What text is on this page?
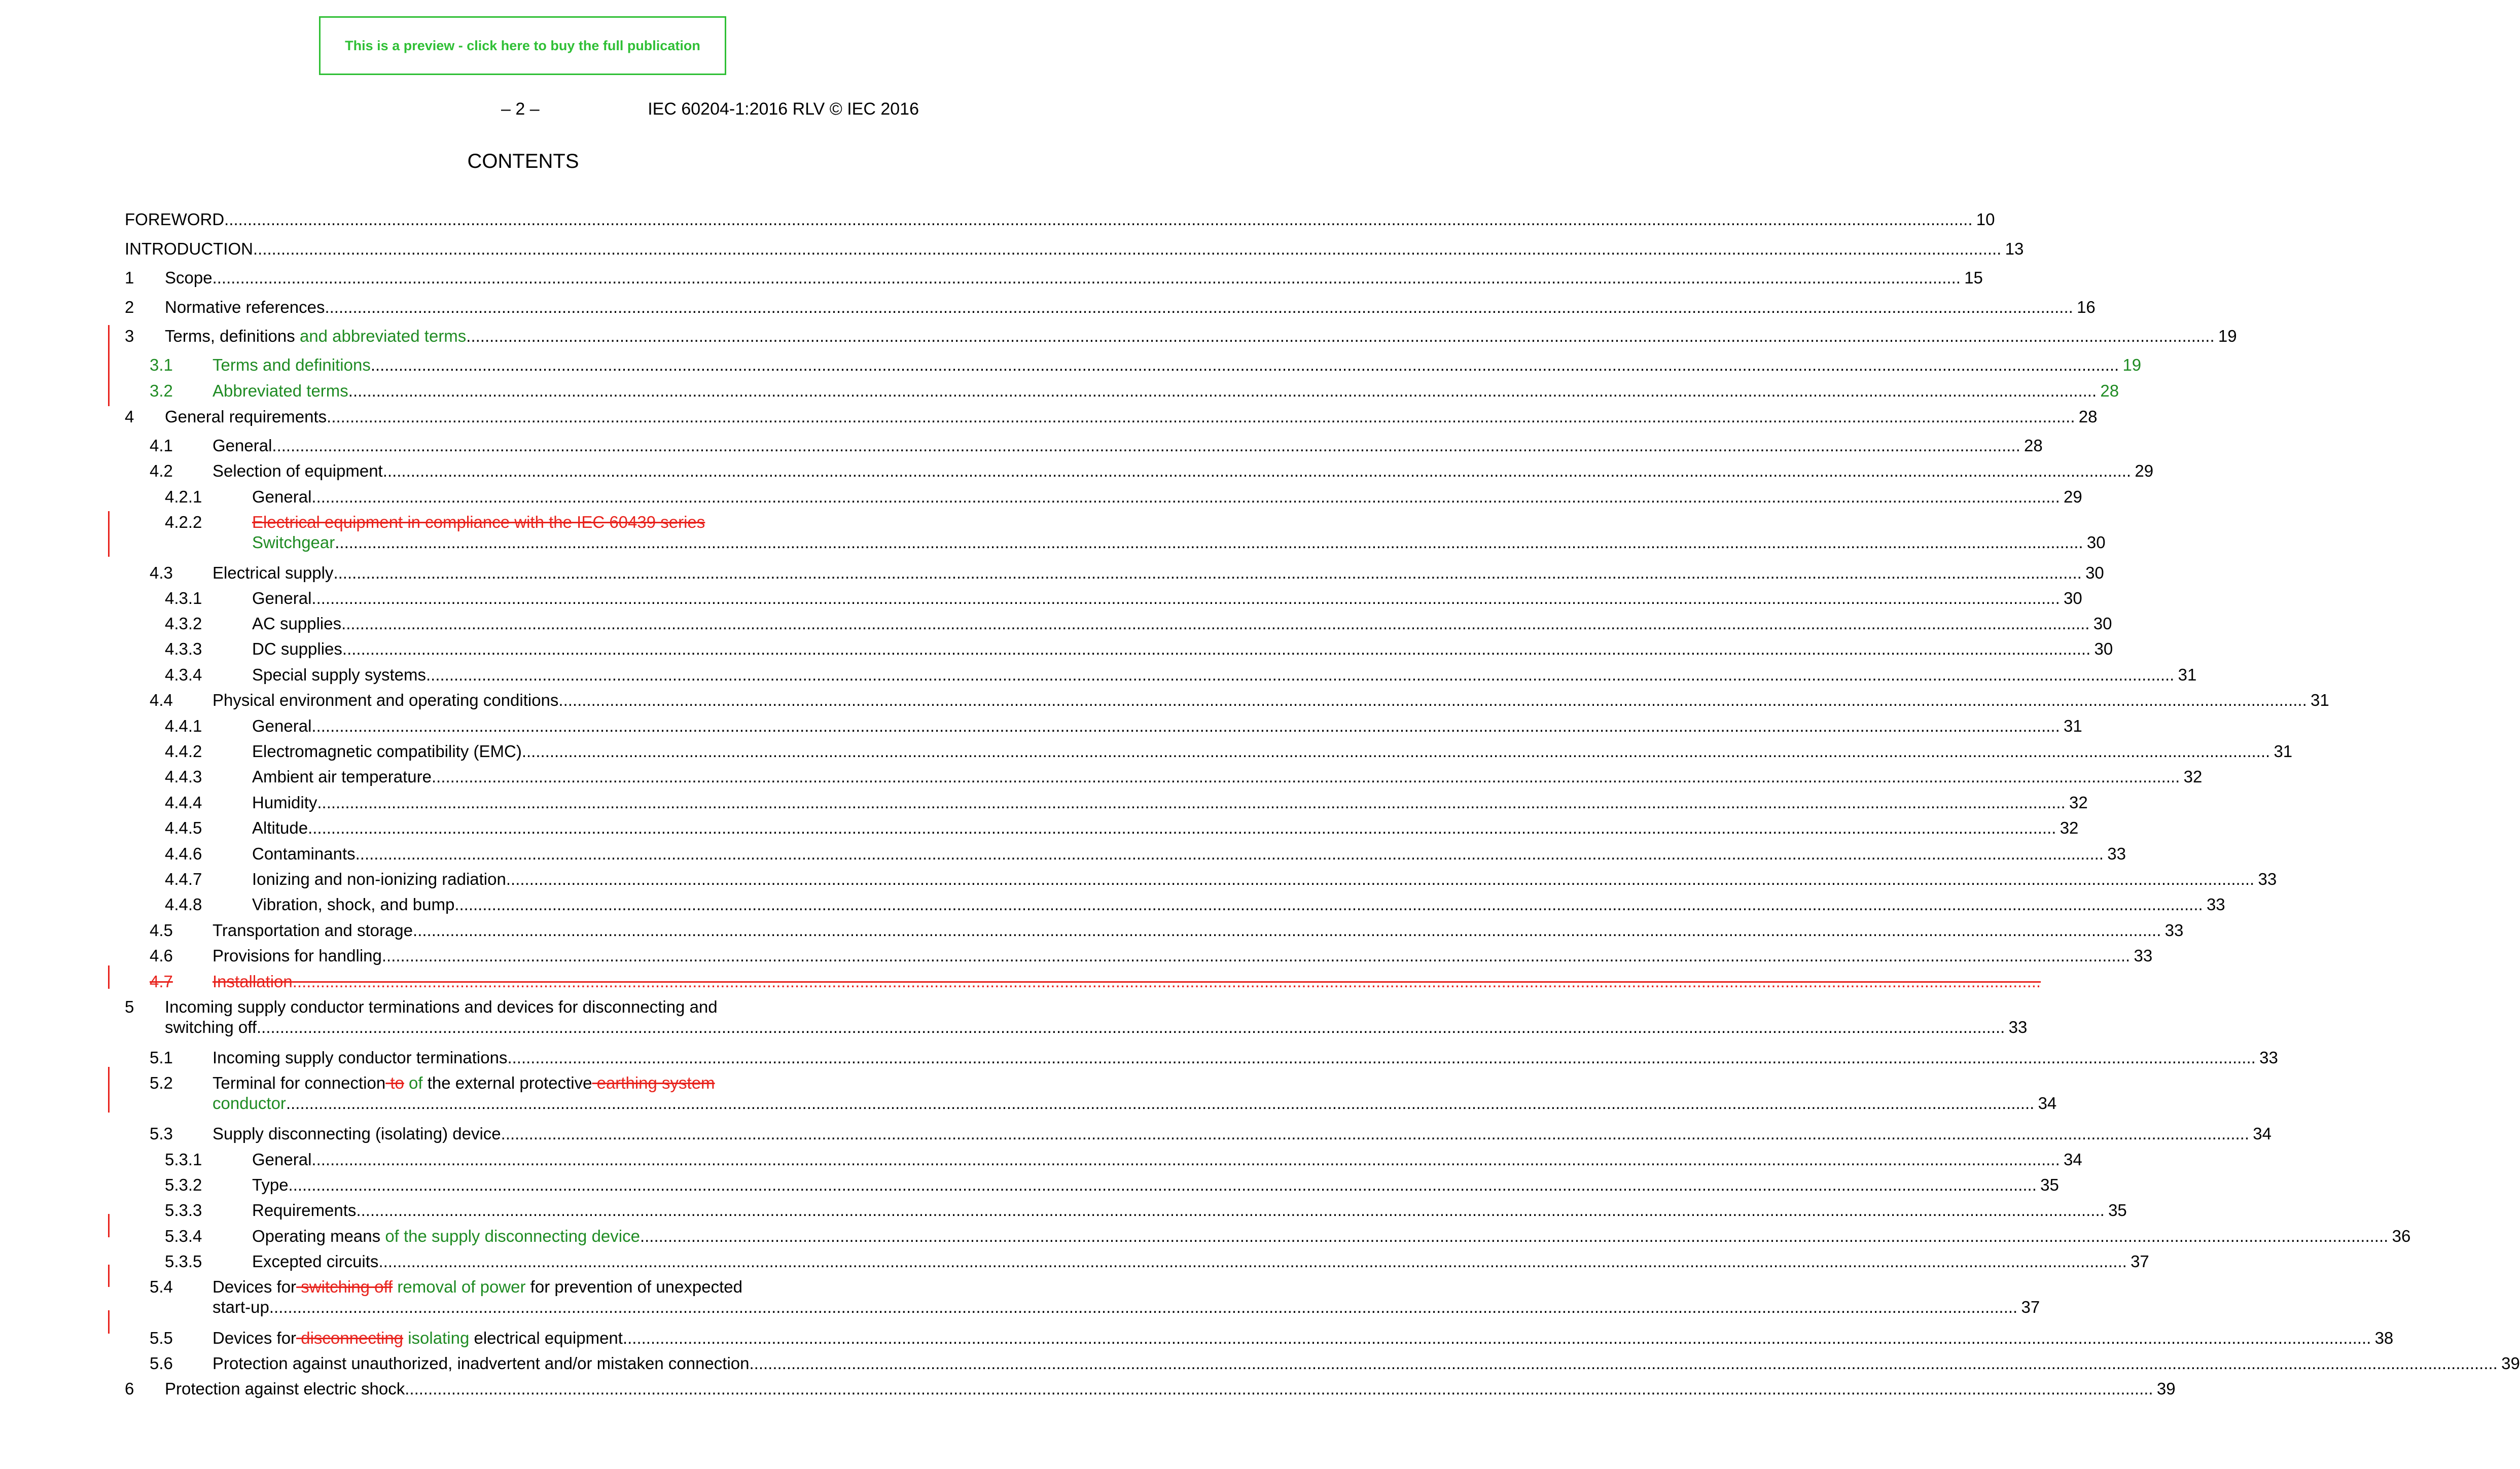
This is a preview - click here to buy the full publication
– 2 –	IEC 60204-1:2016 RLV © IEC 2016
CONTENTS
FOREWORD ........................................................................................................................................................................................................................................................................................................................................................................................ 10
INTRODUCTION ........................................................................................................................................................................................................................................................................................................................................................................................ 13
1 Scope ........................................................................................................................................................................................................................................................................................................................................................................................ 15
2 Normative references ........................................................................................................................................................................................................................................................................................................................................................................................ 16
3 Terms, definitions and abbreviated terms ........................................................................................................................................................................................................................................................................................................................................................................................ 19
3.1 Terms and definitions ........................................................................................................................................................................................................................................................................................................................................................................................ 19
3.2 Abbreviated terms ........................................................................................................................................................................................................................................................................................................................................................................................ 28
4 General requirements ........................................................................................................................................................................................................................................................................................................................................................................................ 28
4.1 General ........................................................................................................................................................................................................................................................................................................................................................................................ 28
4.2 Selection of equipment ........................................................................................................................................................................................................................................................................................................................................................................................ 29
4.2.1	General ........................................................................................................................................................................................................................................................................................................................................................................................ 29
4.2.2	Electrical equipment in compliance with the IEC 60439 series
Switchgear ........................................................................................................................................................................................................................................................................................................................................................................................ 30
4.3 Electrical supply ........................................................................................................................................................................................................................................................................................................................................................................................ 30
4.3.1	General ........................................................................................................................................................................................................................................................................................................................................................................................ 30
4.3.2	AC supplies ........................................................................................................................................................................................................................................................................................................................................................................................ 30
4.3.3	DC supplies ........................................................................................................................................................................................................................................................................................................................................................................................ 30
4.3.4	Special supply systems ........................................................................................................................................................................................................................................................................................................................................................................................ 31
4.4 Physical environment and operating conditions ........................................................................................................................................................................................................................................................................................................................................................................................ 31
4.4.1	General ........................................................................................................................................................................................................................................................................................................................................................................................ 31
4.4.2	Electromagnetic compatibility (EMC) ........................................................................................................................................................................................................................................................................................................................................................................................ 31
4.4.3	Ambient air temperature ........................................................................................................................................................................................................................................................................................................................................................................................ 32
4.4.4	Humidity ........................................................................................................................................................................................................................................................................................................................................................................................ 32
4.4.5	Altitude ........................................................................................................................................................................................................................................................................................................................................................................................ 32
4.4.6	Contaminants ........................................................................................................................................................................................................................................................................................................................................................................................ 33
4.4.7	Ionizing and non-ionizing radiation ........................................................................................................................................................................................................................................................................................................................................................................................ 33
4.4.8	Vibration, shock, and bump ........................................................................................................................................................................................................................................................................................................................................................................................ 33
4.5 Transportation and storage ........................................................................................................................................................................................................................................................................................................................................................................................ 33
4.6 Provisions for handling ........................................................................................................................................................................................................................................................................................................................................................................................ 33
4.7 Installation ........................................................................................................................................................................................................................................................................................................................................................................................
5 Incoming supply conductor terminations and devices for disconnecting and
switching off ........................................................................................................................................................................................................................................................................................................................................................................................ 33
5.1 Incoming supply conductor terminations ........................................................................................................................................................................................................................................................................................................................................................................................ 33
5.2 Terminal for connection to of the external protective earthing system
conductor ........................................................................................................................................................................................................................................................................................................................................................................................ 34
5.3 Supply disconnecting (isolating) device ........................................................................................................................................................................................................................................................................................................................................................................................ 34
5.3.1	General ........................................................................................................................................................................................................................................................................................................................................................................................ 34
5.3.2	Type ........................................................................................................................................................................................................................................................................................................................................................................................ 35
5.3.3	Requirements ........................................................................................................................................................................................................................................................................................................................................................................................ 35
5.3.4	Operating means of the supply disconnecting device ........................................................................................................................................................................................................................................................................................................................................................................................ 36
5.3.5	Excepted circuits ........................................................................................................................................................................................................................................................................................................................................................................................ 37
5.4 Devices for switching off removal of power for prevention of unexpected
start-up ........................................................................................................................................................................................................................................................................................................................................................................................ 37
5.5 Devices for disconnecting isolating electrical equipment ........................................................................................................................................................................................................................................................................................................................................................................................ 38
5.6 Protection against unauthorized, inadvertent and/or mistaken connection ........................................................................................................................................................................................................................................................................................................................................................................................ 39
6 Protection against electric shock ........................................................................................................................................................................................................................................................................................................................................................................................ 39
